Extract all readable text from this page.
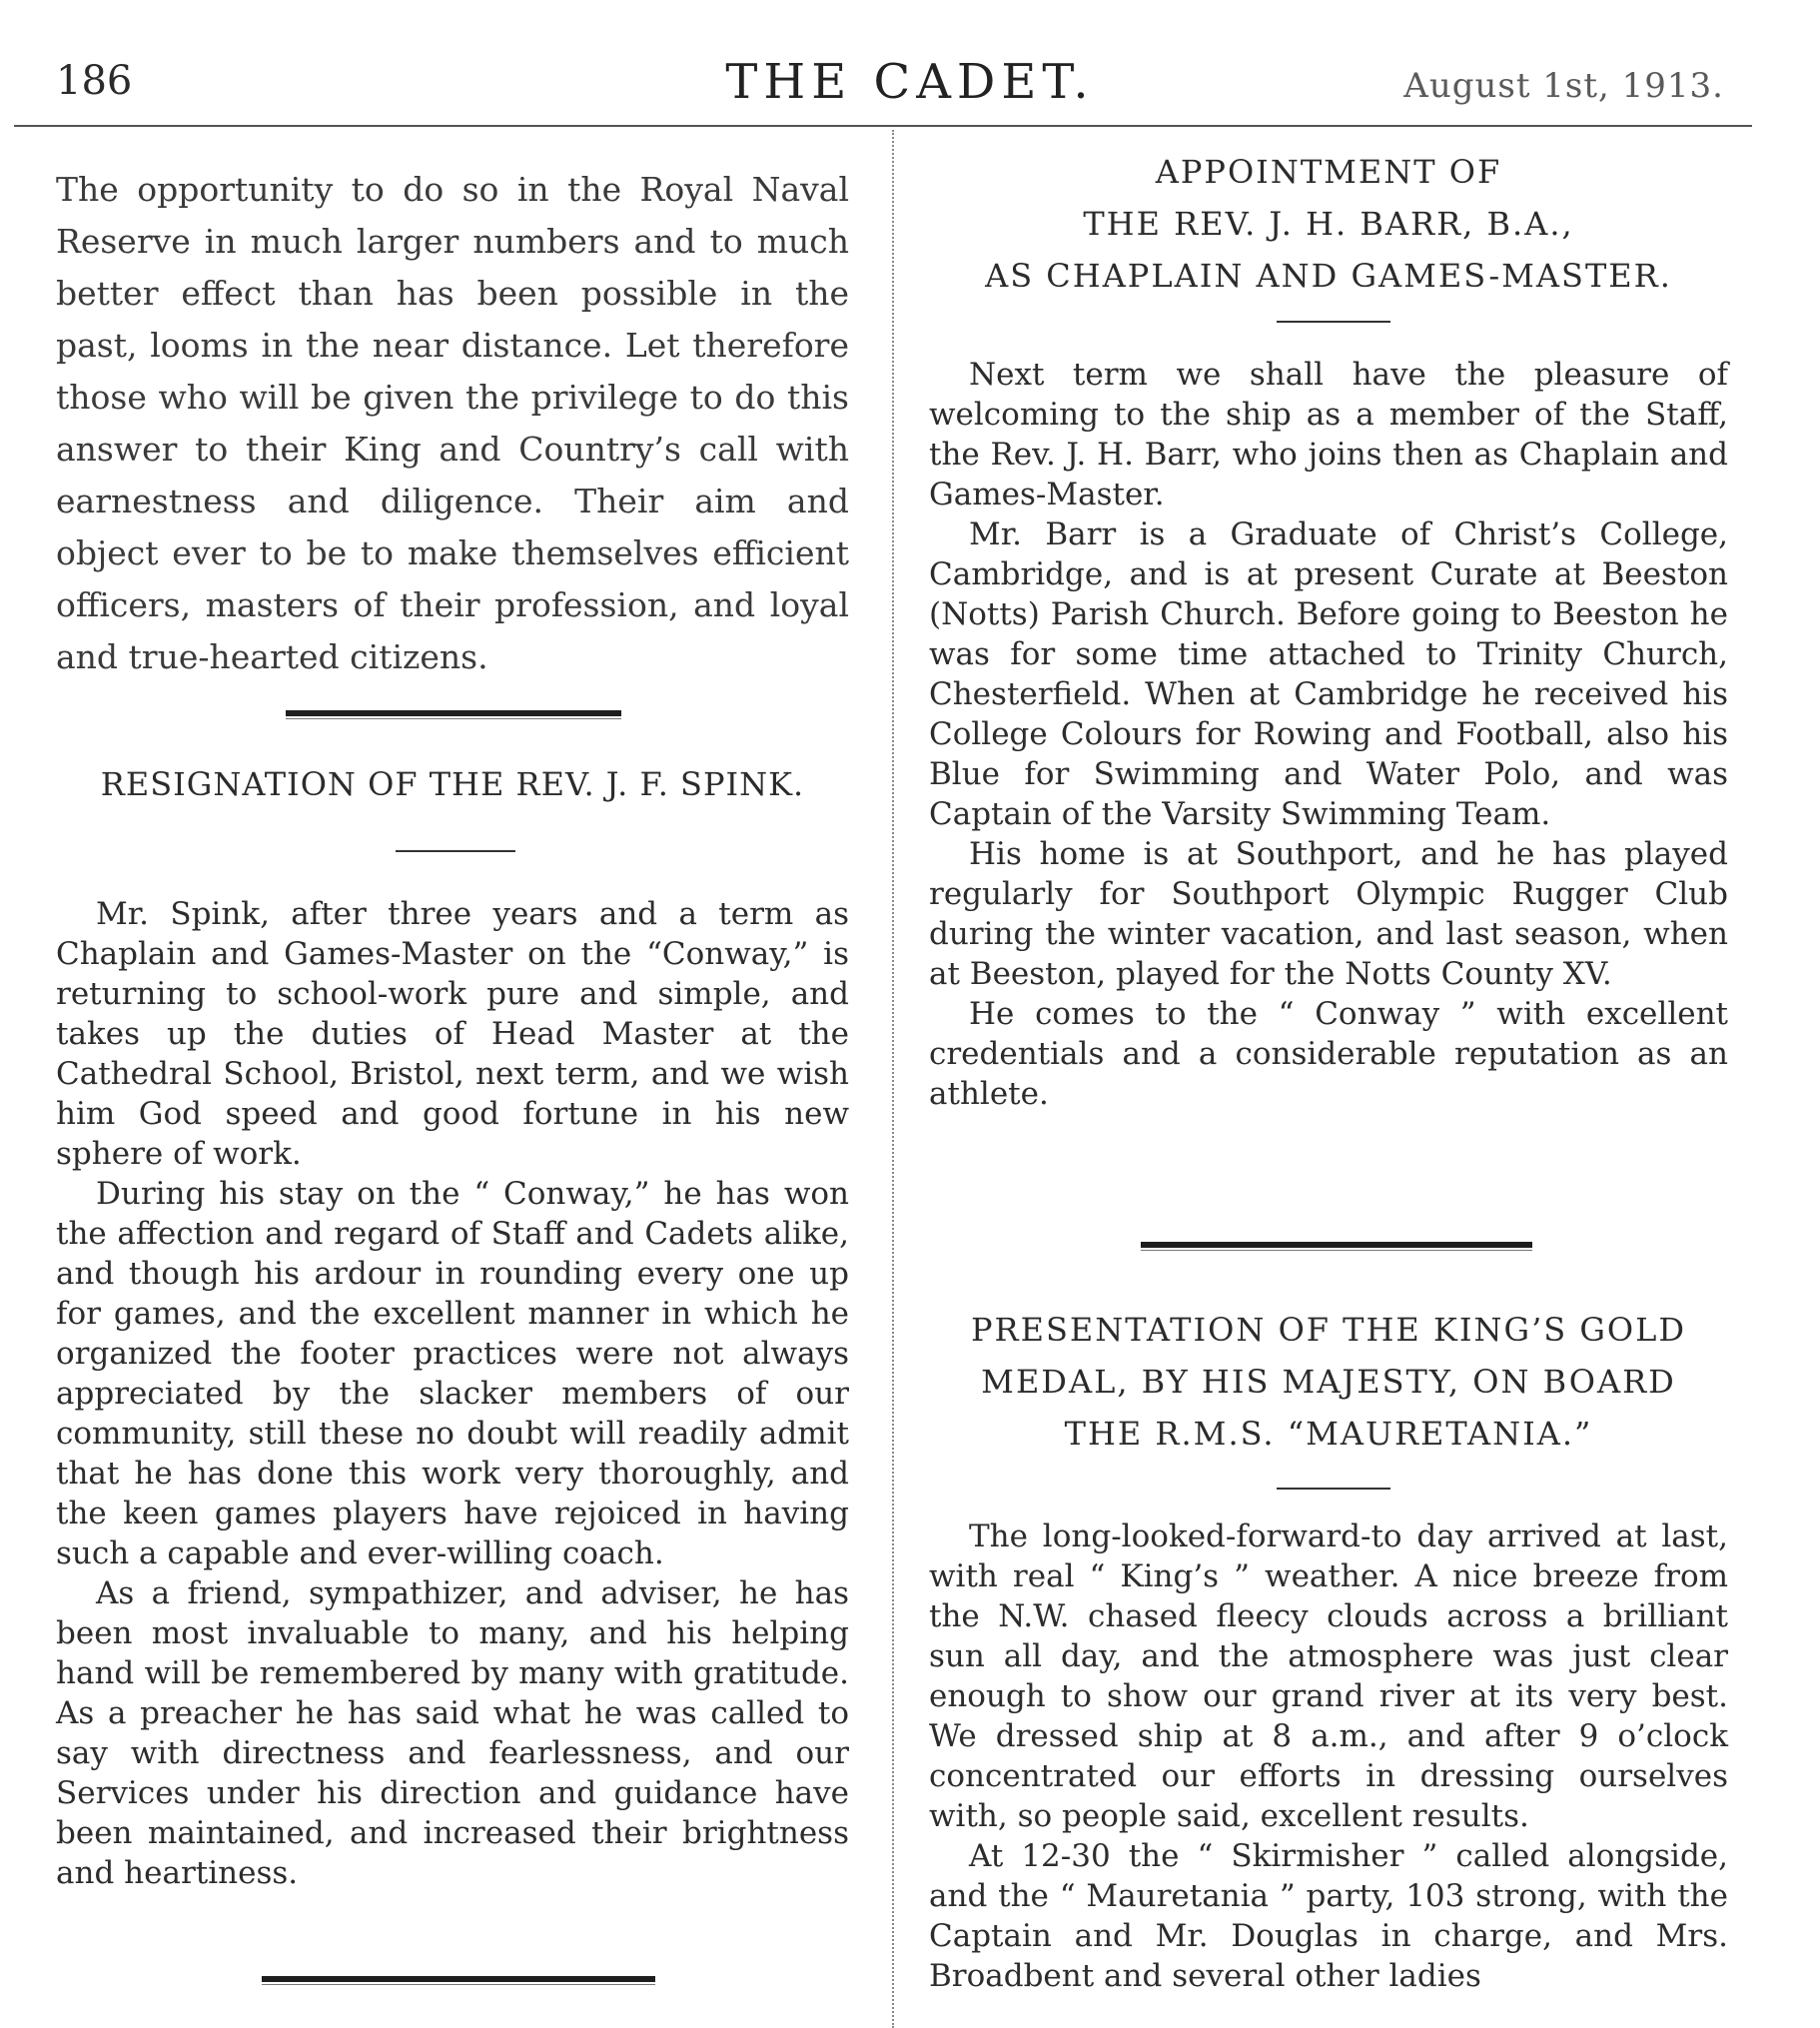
186	THE CADET.	August 1st, 1913.

The opportunity to do so in the Royal Naval Reserve in much larger numbers and to much better effect than has been possible in the past, looms in the near distance. Let therefore those who will be given the privilege to do this answer to their King and Country’s call with earnestness and diligence. Their aim and object ever to be to make themselves efficient officers, masters of their profession, and loyal and true-hearted citizens.

RESIGNATION OF THE REV. J. F. SPINK.

Mr. Spink, after three years and a term as Chaplain and Games-Master on the “Conway,” is returning to school-work pure and simple, and takes up the duties of Head Master at the Cathedral School, Bristol, next term, and we wish him God speed and good fortune in his new sphere of work.

During his stay on the “ Conway,” he has won the affection and regard of Staff and Cadets alike, and though his ardour in rounding every one up for games, and the excellent manner in which he organized the footer practices were not always appreciated by the slacker members of our community, still these no doubt will readily admit that he has done this work very thoroughly, and the keen games players have rejoiced in having such a capable and ever-willing coach.

As a friend, sympathizer, and adviser, he has been most invaluable to many, and his helping hand will be remembered by many with gratitude. As a preacher he has said what he was called to say with directness and fearlessness, and our Services under his direction and guidance have been maintained, and increased their brightness and heartiness.

APPOINTMENT OF
THE REV. J. H. BARR, B.A.,
AS CHAPLAIN AND GAMES-MASTER.

Next term we shall have the pleasure of welcoming to the ship as a member of the Staff, the Rev. J. H. Barr, who joins then as Chaplain and Games-Master.

Mr. Barr is a Graduate of Christ’s College, Cambridge, and is at present Curate at Beeston (Notts) Parish Church. Before going to Beeston he was for some time attached to Trinity Church, Chesterfield. When at Cambridge he received his College Colours for Rowing and Football, also his Blue for Swimming and Water Polo, and was Captain of the Varsity Swimming Team.

His home is at Southport, and he has played regularly for Southport Olympic Rugger Club during the winter vacation, and last season, when at Beeston, played for the Notts County XV.

He comes to the “ Conway ” with excellent credentials and a considerable reputation as an athlete.

PRESENTATION OF THE KING’S GOLD
MEDAL, BY HIS MAJESTY, ON BOARD
THE R.M.S. “MAURETANIA.”

The long-looked-forward-to day arrived at last, with real “ King’s ” weather. A nice breeze from the N.W. chased fleecy clouds across a brilliant sun all day, and the atmosphere was just clear enough to show our grand river at its very best. We dressed ship at 8 a.m., and after 9 o’clock concentrated our efforts in dressing ourselves with, so people said, excellent results.

At 12-30 the “ Skirmisher ” called alongside, and the “ Mauretania ” party, 103 strong, with the Captain and Mr. Douglas in charge, and Mrs. Broadbent and several other ladies
